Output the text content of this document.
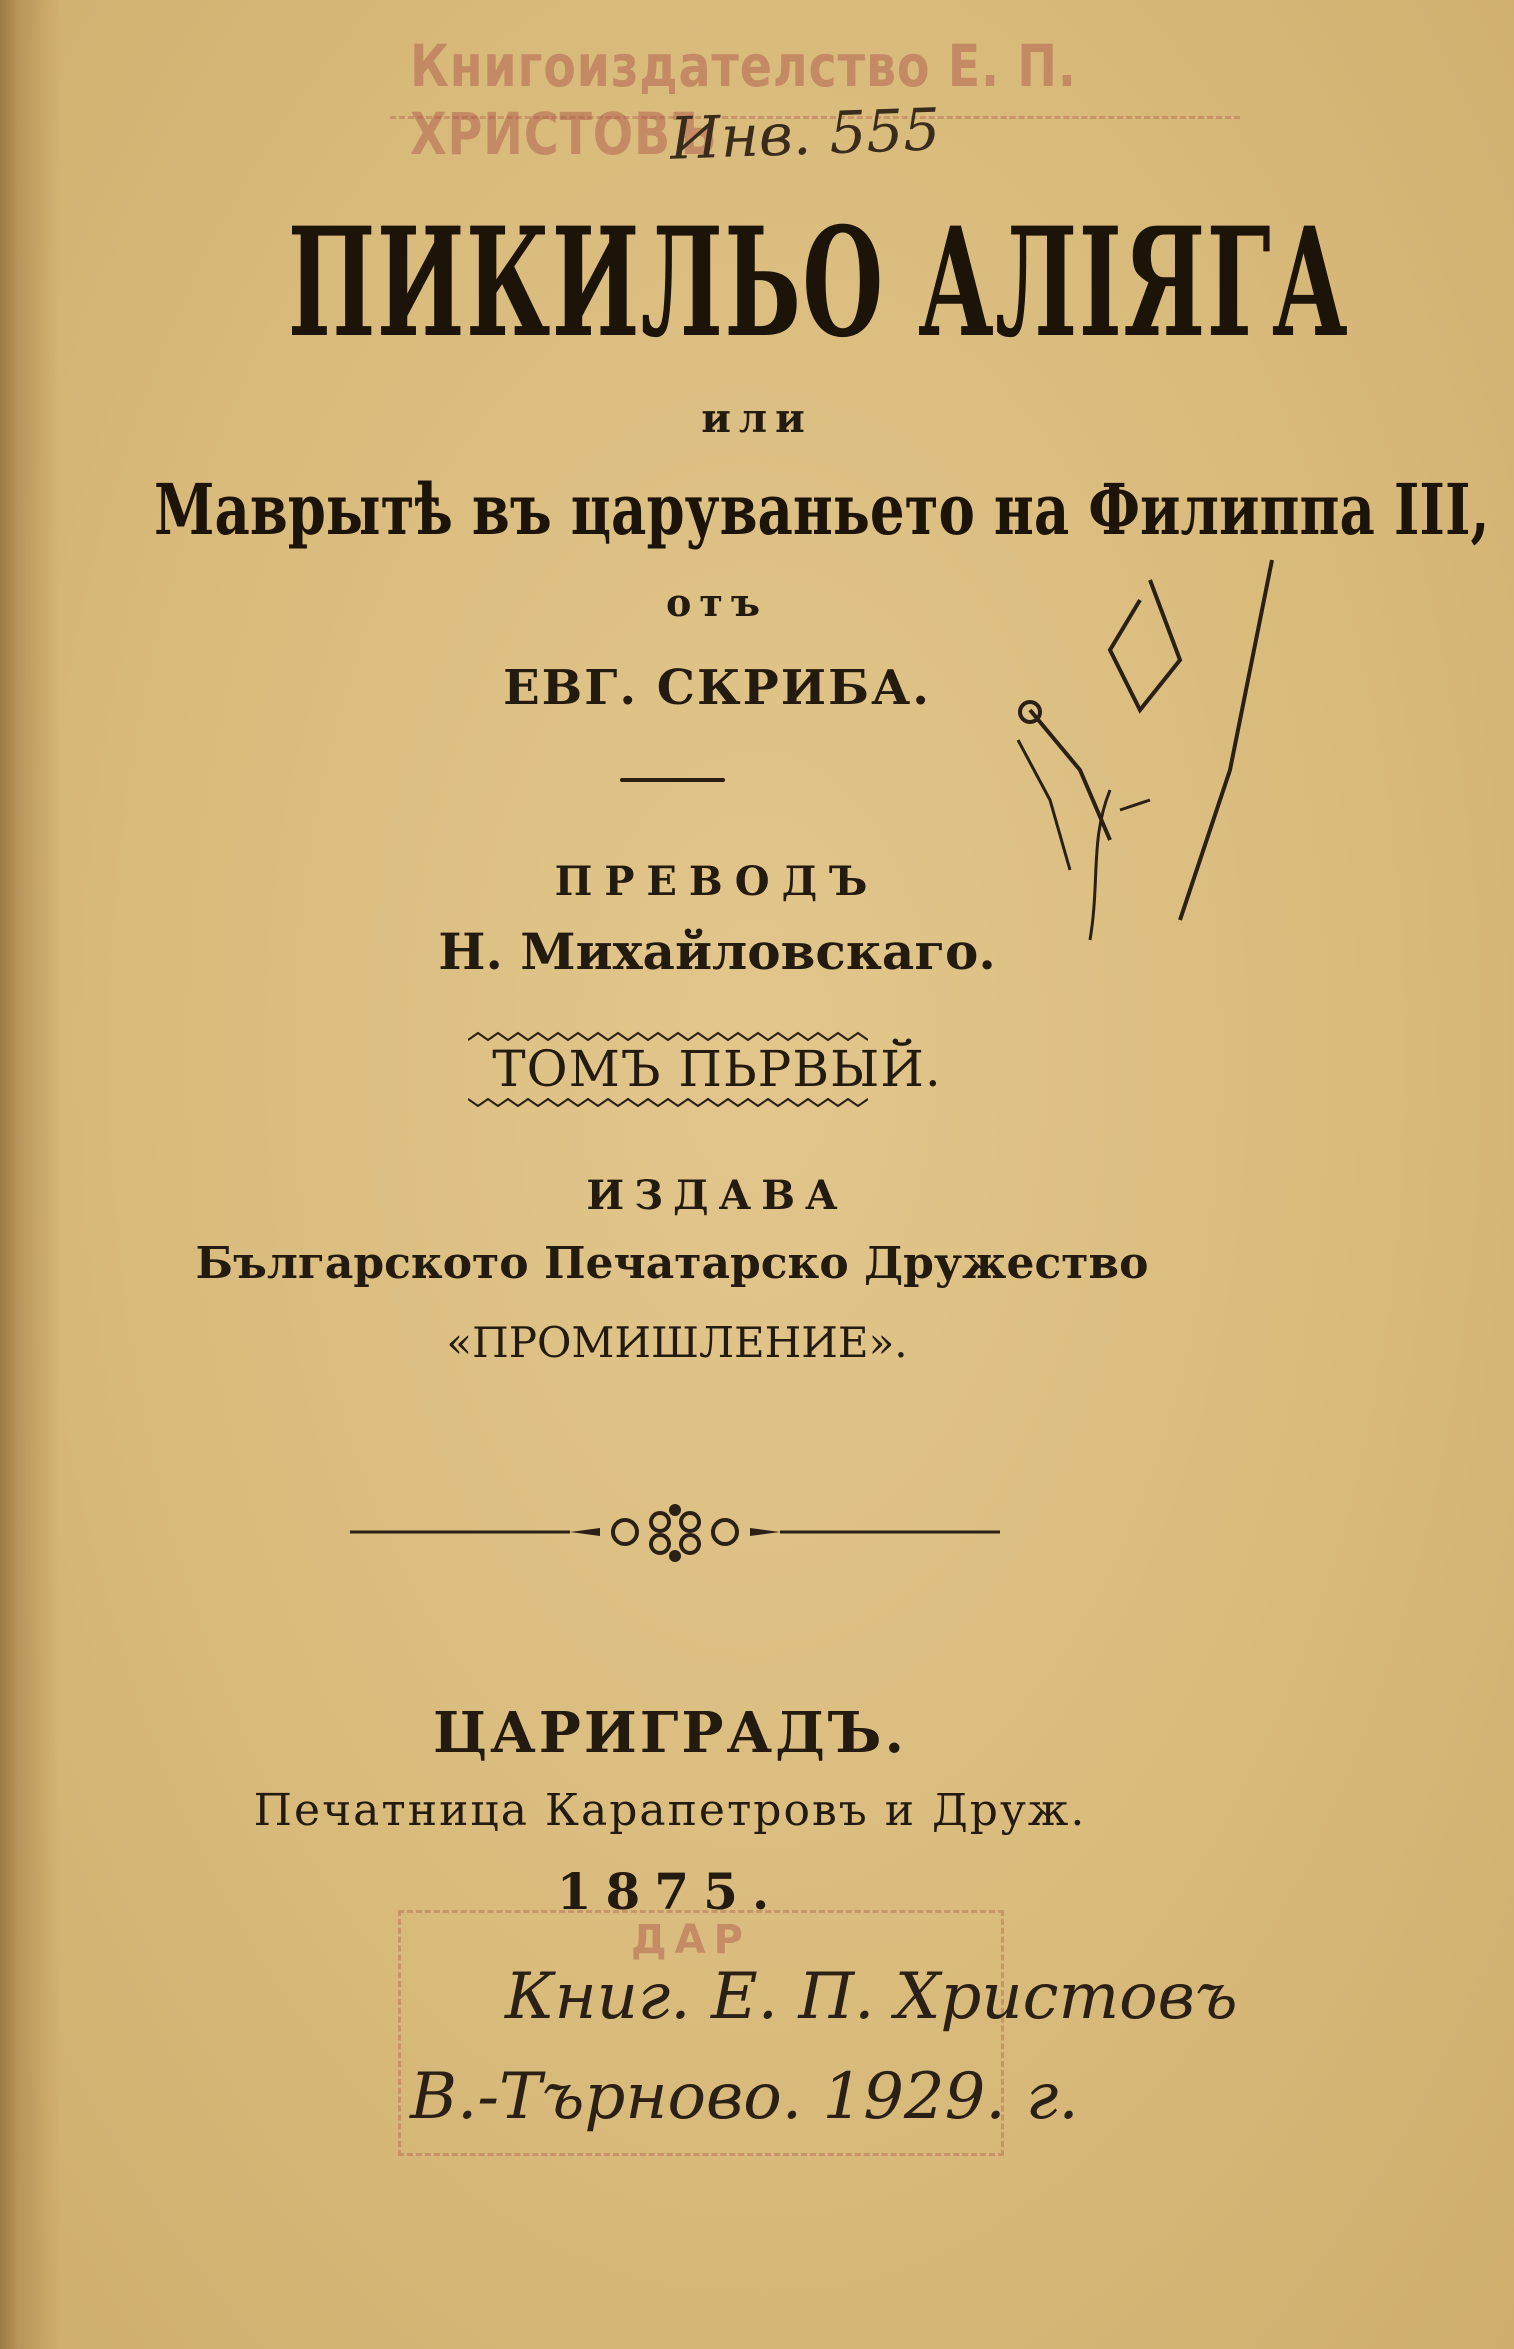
Книгоиздателство Е. П. ХРИСТОВЪ
Инв. 555
ПИКИЛЬО АЛІЯГА
или
Маврытѣ въ царуваньето на Филиппа III,
отъ
ЕВГ. СКРИБА.
ПРЕВОДЪ
Н. Михайловскаго.
ТОМЪ ПЬРВЫЙ.
ИЗДАВА
Българското Печатарско Дружество
«ПРОМИШЛЕНИЕ».
ЦАРИГРАДЪ.
Печатница Карапетровъ и Друж.
1875.
ДАР
Книг. Е. П. Христовъ
В.-Търново. 1929. г.
